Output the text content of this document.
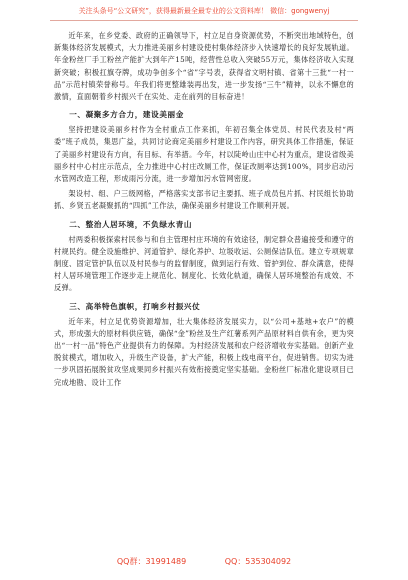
关注头条号“公文研究”，获得最新最全最专业的公文资料库！ 微信：gongwenyj

近年来，在乡党委、政府的正确领导下，村立足自身资源优势，不断突出地域特色，创新集体经济发展模式，大力推进美丽乡村建设使村集体经济步入快速增长的良好发展轨道。年金粉丝厂手工粉丝产能扩大到年产15吨，经营性总收入突破55万元，集体经济收入实现新突破；积极扛旗夺牌，成功争创多个“省”字号表，获得省文明村镇、省第十三批“一村一品”示范村镇荣誉称号。年我们将更整雄装再出发，进一步发扬“三牛”精神，以永不懈怠的激情，直面朝着乡村振兴千在实处、走在前列的目标奋进！

一、凝聚多方合力，建设美丽金

坚持把建设美丽乡村作为全村重点工作来抓，年初召集全体党员、村民代表及村“两委”班子成员，集思广益，共同讨论商定美丽乡村建设工作内容，研究具体工作措施，保证了美丽乡村建设有方向，有目标、有举措。今年，村以陡岭山庄中心村为重点，建设省级美丽乡村中心村庄示范点，全力推进中心村庄改厕工作，保证改厕率达到100%，同步启动污水管网改造工程，形成雨污分流，进一步增加污水管网密度。

架设村、组、户三级网格，严格落实支部书记主要抓、班子成员包片抓、村民组长协助抓、乡贤五老凝聚抓的“四抓”工作法，确保美丽乡村建设工作顺利开展。

二、整治人居环境，不负绿水青山

村两委积极探索村民参与和自主管理村庄环境的有效途径，制定群众普遍接受和遵守的村规民约。健全设施维护、河道管护、绿化养护、垃圾收运、公厕保洁队伍。建立专项规章制度、固定管护队伍以及村民参与的监督制度，做到运行有效、管护到位、群众满意，使得村人居环境管理工作逐步走上规范化、制度化、长效化轨道，确保人居环境整治有成效、不反弹。

三、高举特色旗帜，打响乡村振兴仗

近年来，村立足优势资源增加，壮大集体经济发展实力，以“公司+基地+农户”的模式，形成强大的原材料供应链，确保“金”粉丝及生产红薯系列产品原材料自供有余，更为突出“一村一品”特色产业提供有力的保障。为村经济发展和农户经济增收夯实基础。创新产业脱贫模式，增加收入，升级生产设备，扩大产能，积极上线电商平台，促进销售。切实为进一步巩固拓展脱贫攻坚成果同乡村振兴有效衔接奠定坚实基础。金粉丝厂标准化建设项目已完成地勘、设计工作

QQ群：31991489	QQ：535304092
